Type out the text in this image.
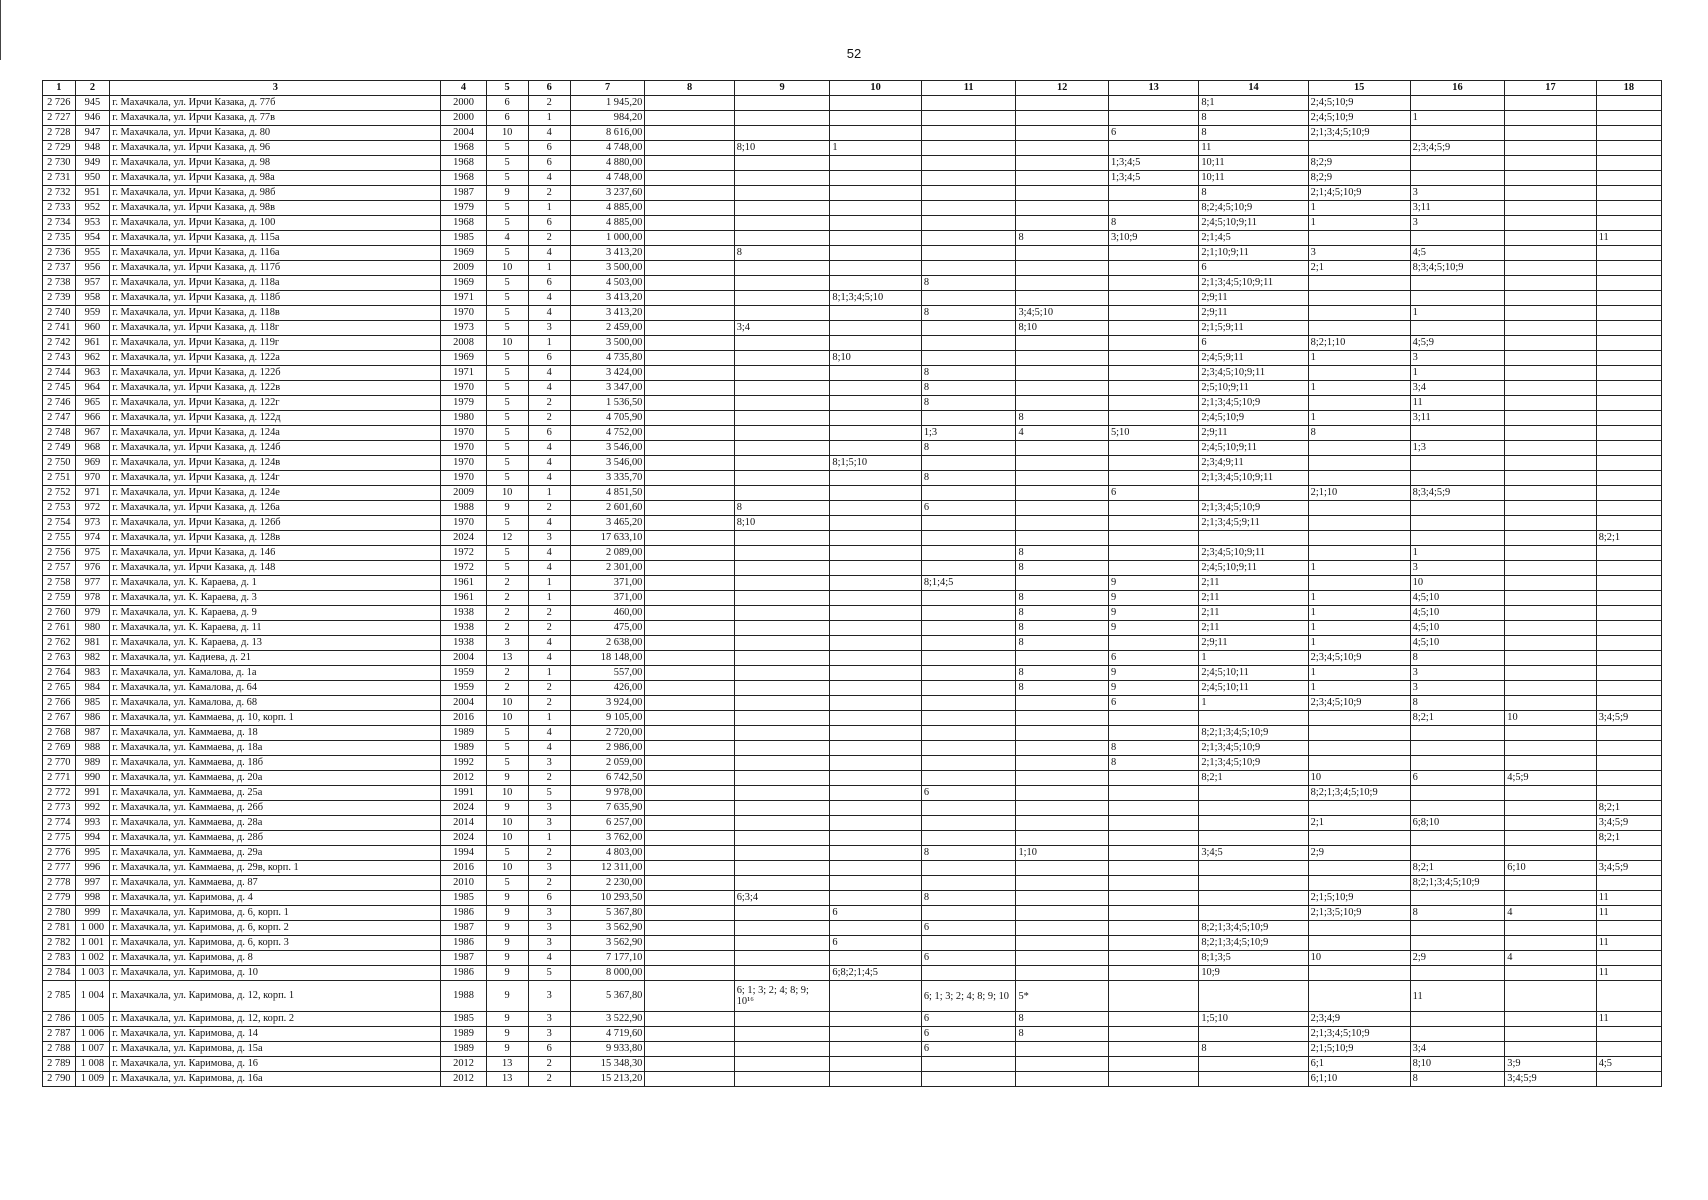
52
1	2	3	4	5	6	7	8	9	10	11	12	13	14	15	16	17	18
2 726	945	г. Махачкала, ул. Ирчи Казака, д. 77б	2000	6	2	1 945,20							8;1	2;4;5;10;9			
2 727	946	г. Махачкала, ул. Ирчи Казака, д. 77в	2000	6	1	984,20							8	2;4;5;10;9	1		
2 728	947	г. Махачкала, ул. Ирчи Казака, д. 80	2004	10	4	8 616,00						6	8	2;1;3;4;5;10;9			
2 729	948	г. Махачкала, ул. Ирчи Казака, д. 96	1968	5	6	4 748,00		8;10	1				11		2;3;4;5;9		
2 730	949	г. Махачкала, ул. Ирчи Казака, д. 98	1968	5	6	4 880,00						1;3;4;5	10;11	8;2;9			
2 731	950	г. Махачкала, ул. Ирчи Казака, д. 98а	1968	5	4	4 748,00						1;3;4;5	10;11	8;2;9			
2 732	951	г. Махачкала, ул. Ирчи Казака, д. 98б	1987	9	2	3 237,60							8	2;1;4;5;10;9	3		
2 733	952	г. Махачкала, ул. Ирчи Казака, д. 98в	1979	5	1	4 885,00							8;2;4;5;10;9	1	3;11		
2 734	953	г. Махачкала, ул. Ирчи Казака, д. 100	1968	5	6	4 885,00						8	2;4;5;10;9;11	1	3		
2 735	954	г. Махачкала, ул. Ирчи Казака, д. 115а	1985	4	2	1 000,00					8	3;10;9	2;1;4;5				11
2 736	955	г. Махачкала, ул. Ирчи Казака, д. 116а	1969	5	4	3 413,20		8					2;1;10;9;11	3	4;5		
2 737	956	г. Махачкала, ул. Ирчи Казака, д. 117б	2009	10	1	3 500,00							6	2;1	8;3;4;5;10;9		
2 738	957	г. Махачкала, ул. Ирчи Казака, д. 118а	1969	5	6	4 503,00				8			2;1;3;4;5;10;9;11				
2 739	958	г. Махачкала, ул. Ирчи Казака, д. 118б	1971	5	4	3 413,20			8;1;3;4;5;10				2;9;11				
2 740	959	г. Махачкала, ул. Ирчи Казака, д. 118в	1970	5	4	3 413,20				8	3;4;5;10		2;9;11		1		
2 741	960	г. Махачкала, ул. Ирчи Казака, д. 118г	1973	5	3	2 459,00		3;4			8;10		2;1;5;9;11				
2 742	961	г. Махачкала, ул. Ирчи Казака, д. 119г	2008	10	1	3 500,00							6	8;2;1;10	4;5;9		
2 743	962	г. Махачкала, ул. Ирчи Казака, д. 122а	1969	5	6	4 735,80			8;10				2;4;5;9;11	1	3		
2 744	963	г. Махачкала, ул. Ирчи Казака, д. 122б	1971	5	4	3 424,00				8			2;3;4;5;10;9;11		1		
2 745	964	г. Махачкала, ул. Ирчи Казака, д. 122в	1970	5	4	3 347,00				8			2;5;10;9;11	1	3;4		
2 746	965	г. Махачкала, ул. Ирчи Казака, д. 122г	1979	5	2	1 536,50				8			2;1;3;4;5;10;9		11		
2 747	966	г. Махачкала, ул. Ирчи Казака, д. 122д	1980	5	2	4 705,90					8		2;4;5;10;9	1	3;11		
2 748	967	г. Махачкала, ул. Ирчи Казака, д. 124а	1970	5	6	4 752,00				1;3	4	5;10	2;9;11	8			
2 749	968	г. Махачкала, ул. Ирчи Казака, д. 124б	1970	5	4	3 546,00				8			2;4;5;10;9;11		1;3		
2 750	969	г. Махачкала, ул. Ирчи Казака, д. 124в	1970	5	4	3 546,00			8;1;5;10				2;3;4;9;11				
2 751	970	г. Махачкала, ул. Ирчи Казака, д. 124г	1970	5	4	3 335,70				8			2;1;3;4;5;10;9;11				
2 752	971	г. Махачкала, ул. Ирчи Казака, д. 124е	2009	10	1	4 851,50						6		2;1;10	8;3;4;5;9		
2 753	972	г. Махачкала, ул. Ирчи Казака, д. 126а	1988	9	2	2 601,60		8		6			2;1;3;4;5;10;9				
2 754	973	г. Махачкала, ул. Ирчи Казака, д. 126б	1970	5	4	3 465,20		8;10					2;1;3;4;5;9;11				
2 755	974	г. Махачкала, ул. Ирчи Казака, д. 128в	2024	12	3	17 633,10											8;2;1
2 756	975	г. Махачкала, ул. Ирчи Казака, д. 146	1972	5	4	2 089,00					8		2;3;4;5;10;9;11		1		
2 757	976	г. Махачкала, ул. Ирчи Казака, д. 148	1972	5	4	2 301,00					8		2;4;5;10;9;11	1	3		
2 758	977	г. Махачкала, ул. К. Караева, д. 1	1961	2	1	371,00				8;1;4;5		9	2;11		10		
2 759	978	г. Махачкала, ул. К. Караева, д. 3	1961	2	1	371,00					8	9	2;11	1	4;5;10		
2 760	979	г. Махачкала, ул. К. Караева, д. 9	1938	2	2	460,00					8	9	2;11	1	4;5;10		
2 761	980	г. Махачкала, ул. К. Караева, д. 11	1938	2	2	475,00					8	9	2;11	1	4;5;10		
2 762	981	г. Махачкала, ул. К. Караева, д. 13	1938	3	4	2 638,00					8		2;9;11	1	4;5;10		
2 763	982	г. Махачкала, ул. Кадиева, д. 21	2004	13	4	18 148,00						6	1	2;3;4;5;10;9	8		
2 764	983	г. Махачкала, ул. Камалова, д. 1а	1959	2	1	557,00					8	9	2;4;5;10;11	1	3		
2 765	984	г. Махачкала, ул. Камалова, д. 64	1959	2	2	426,00					8	9	2;4;5;10;11	1	3		
2 766	985	г. Махачкала, ул. Камалова, д. 68	2004	10	2	3 924,00						6	1	2;3;4;5;10;9	8		
2 767	986	г. Махачкала, ул. Каммаева, д. 10, корп. 1	2016	10	1	9 105,00									8;2;1	10	3;4;5;9
2 768	987	г. Махачкала, ул. Каммаева, д. 18	1989	5	4	2 720,00							8;2;1;3;4;5;10;9				
2 769	988	г. Махачкала, ул. Каммаева, д. 18а	1989	5	4	2 986,00						8	2;1;3;4;5;10;9				
2 770	989	г. Махачкала, ул. Каммаева, д. 18б	1992	5	3	2 059,00						8	2;1;3;4;5;10;9				
2 771	990	г. Махачкала, ул. Каммаева, д. 20а	2012	9	2	6 742,50							8;2;1	10	6	4;5;9	
2 772	991	г. Махачкала, ул. Каммаева, д. 25а	1991	10	5	9 978,00				6				8;2;1;3;4;5;10;9			
2 773	992	г. Махачкала, ул. Каммаева, д. 26б	2024	9	3	7 635,90											8;2;1
2 774	993	г. Махачкала, ул. Каммаева, д. 28а	2014	10	3	6 257,00								2;1	6;8;10		3;4;5;9
2 775	994	г. Махачкала, ул. Каммаева, д. 28б	2024	10	1	3 762,00											8;2;1
2 776	995	г. Махачкала, ул. Каммаева, д. 29а	1994	5	2	4 803,00				8	1;10		3;4;5	2;9			
2 777	996	г. Махачкала, ул. Каммаева, д. 29в, корп. 1	2016	10	3	12 311,00									8;2;1	6;10	3;4;5;9
2 778	997	г. Махачкала, ул. Каммаева, д. 87	2010	5	2	2 230,00									8;2;1;3;4;5;10;9		
2 779	998	г. Махачкала, ул. Каримова, д. 4	1985	9	6	10 293,50		6;3;4		8				2;1;5;10;9			11
2 780	999	г. Махачкала, ул. Каримова, д. 6, корп. 1	1986	9	3	5 367,80			6					2;1;3;5;10;9	8	4	11
2 781	1 000	г. Махачкала, ул. Каримова, д. 6, корп. 2	1987	9	3	3 562,90				6			8;2;1;3;4;5;10;9				
2 782	1 001	г. Махачкала, ул. Каримова, д. 6, корп. 3	1986	9	3	3 562,90			6				8;2;1;3;4;5;10;9				11
2 783	1 002	г. Махачкала, ул. Каримова, д. 8	1987	9	4	7 177,10				6			8;1;3;5	10	2;9	4	
2 784	1 003	г. Махачкала, ул. Каримова, д. 10	1986	9	5	8 000,00			6;8;2;1;4;5				10;9				11
2 785	1 004	г. Махачкала, ул. Каримова, д. 12, корп. 1	1988	9	3	5 367,80		6; 1; 3; 2; 4; 8; 9; 10¹⁶		6; 1; 3; 2; 4; 8; 9; 10	5*				11		
2 786	1 005	г. Махачкала, ул. Каримова, д. 12, корп. 2	1985	9	3	3 522,90				6	8		1;5;10	2;3;4;9			11
2 787	1 006	г. Махачкала, ул. Каримова, д. 14	1989	9	3	4 719,60				6	8			2;1;3;4;5;10;9			
2 788	1 007	г. Махачкала, ул. Каримова, д. 15а	1989	9	6	9 933,80				6			8	2;1;5;10;9	3;4		
2 789	1 008	г. Махачкала, ул. Каримова, д. 16	2012	13	2	15 348,30								6;1	8;10	3;9	4;5
2 790	1 009	г. Махачкала, ул. Каримова, д. 16а	2012	13	2	15 213,20								6;1;10	8	3;4;5;9	
